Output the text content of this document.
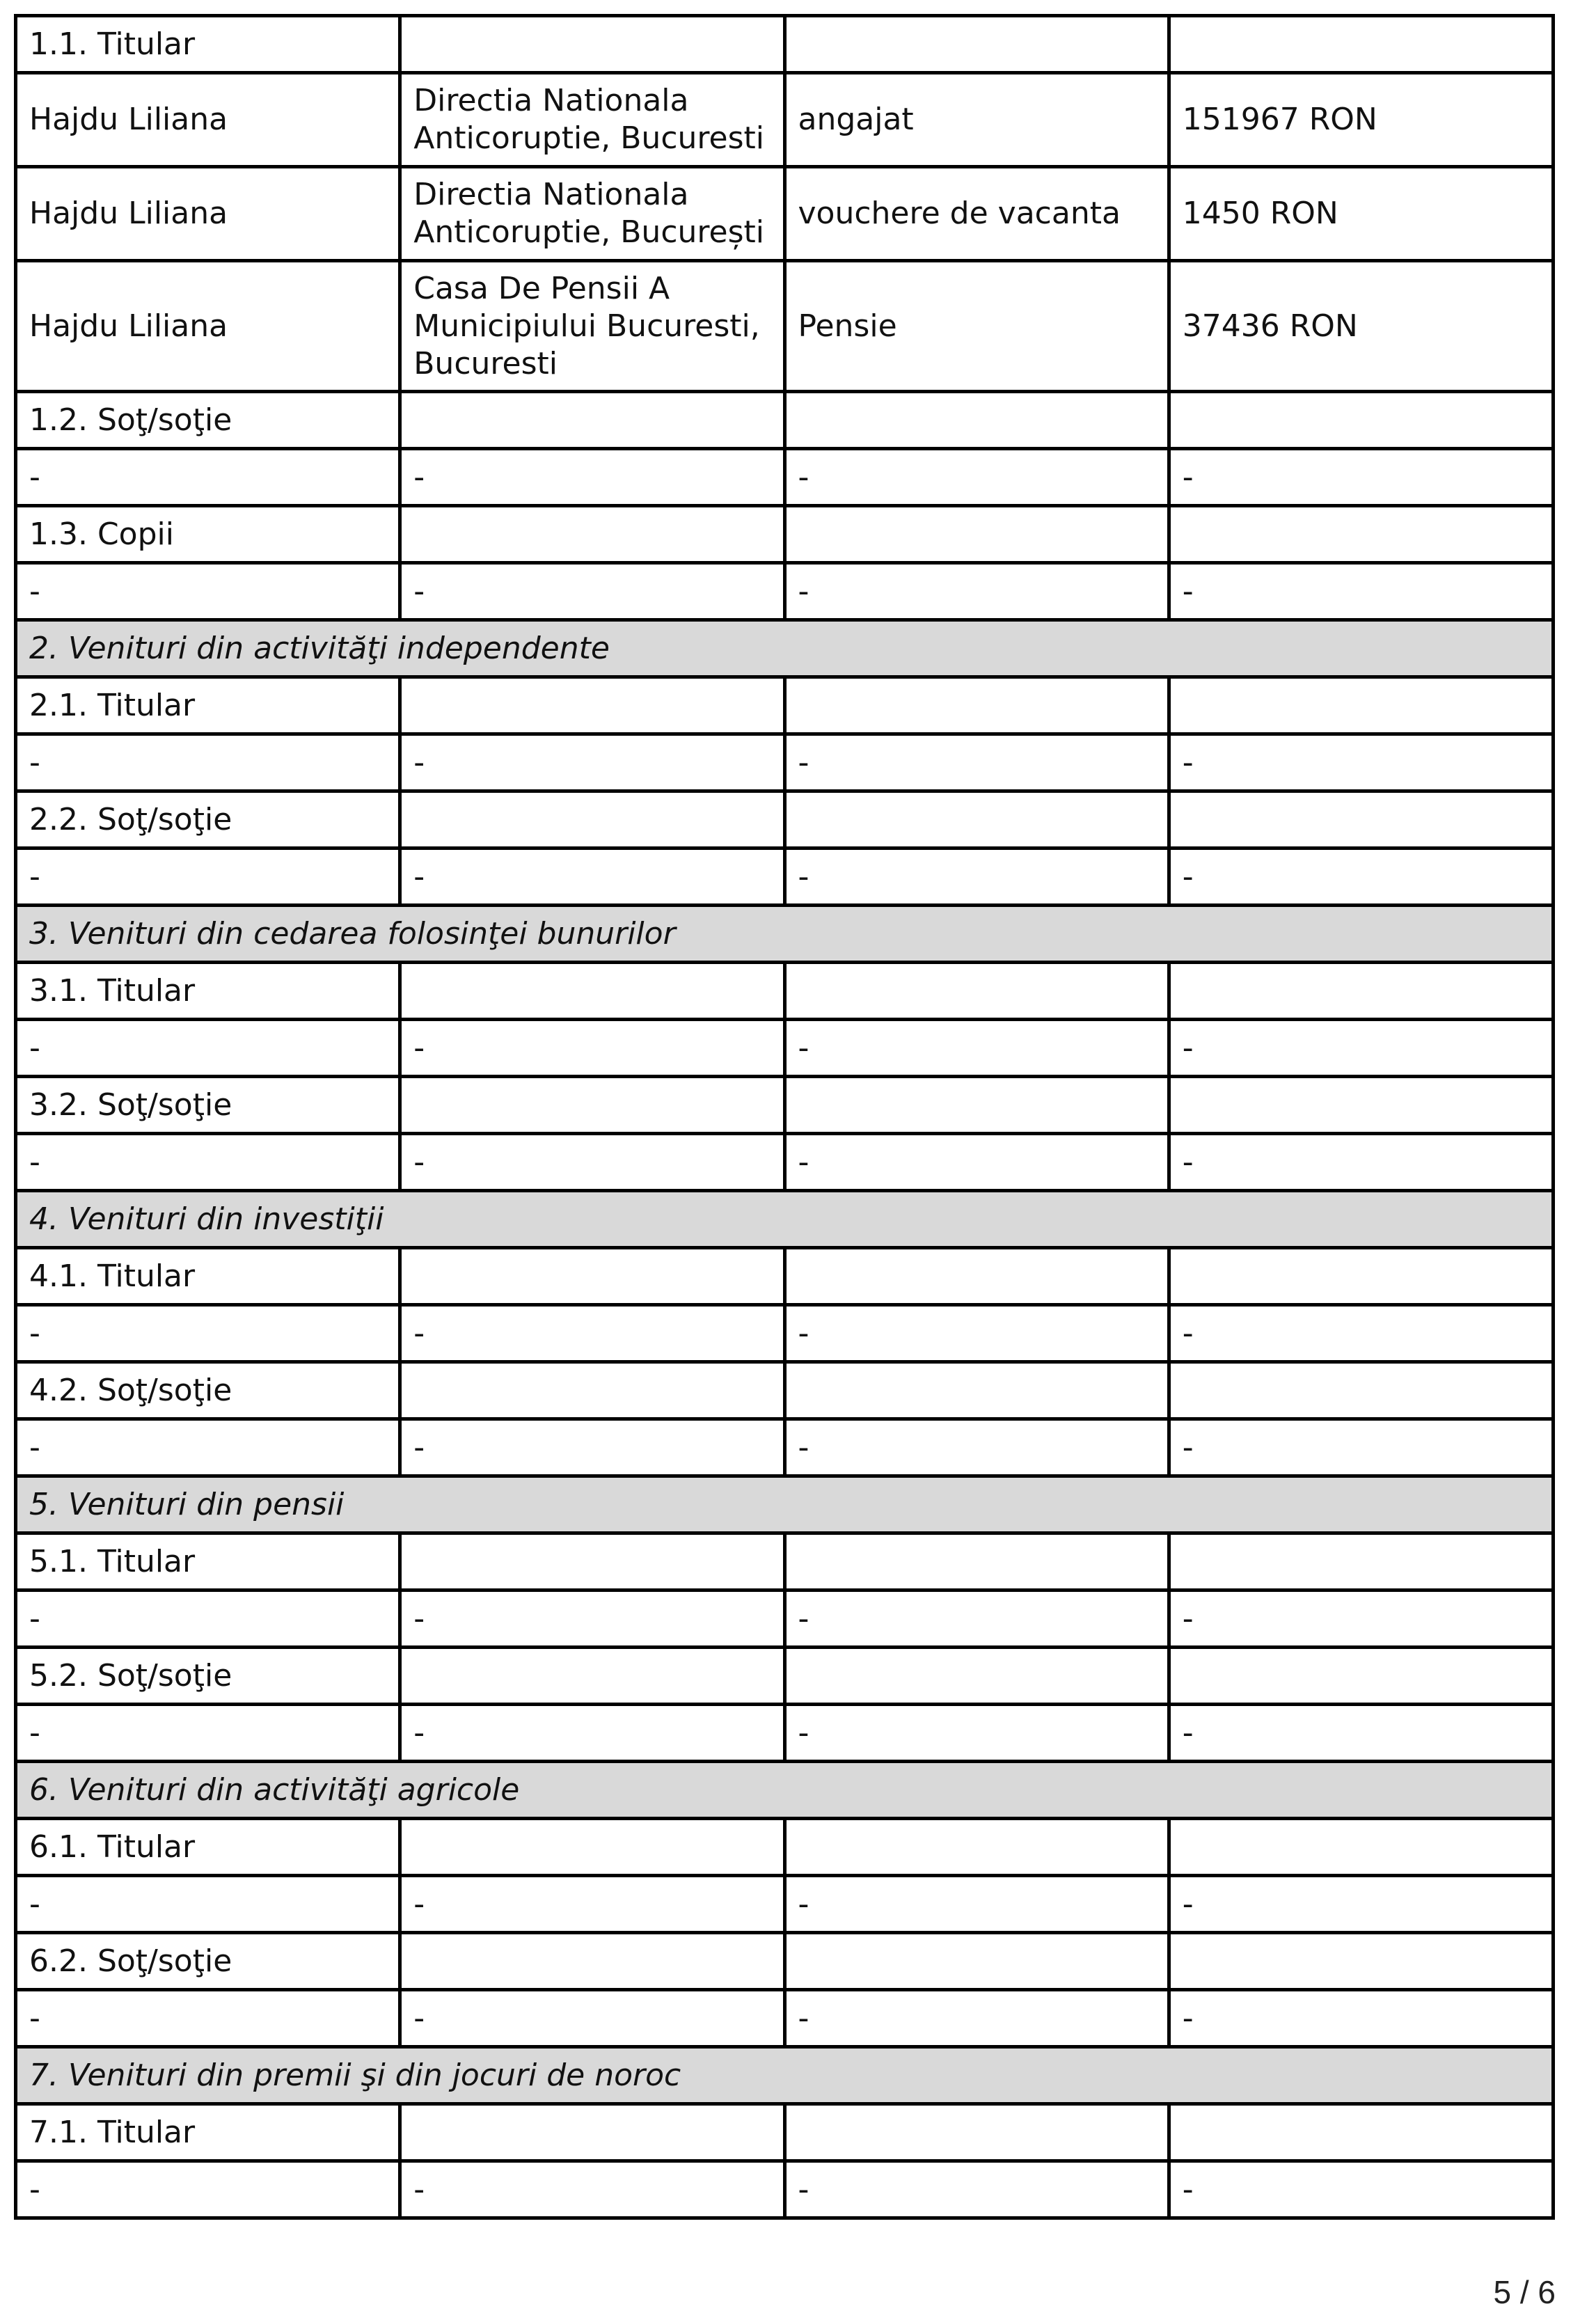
1.1. Titular			
Hajdu Liliana	Directia Nationala Anticoruptie, Bucuresti	angajat	151967 RON
Hajdu Liliana	Directia Nationala Anticoruptie, București	vouchere de vacanta	1450 RON
Hajdu Liliana	Casa De Pensii A Municipiului Bucuresti, Bucuresti	Pensie	37436 RON
1.2. Soţ/soţie			
-	-	-	-
1.3. Copii			
-	-	-	-
2. Venituri din activităţi independente			
2.1. Titular			
-	-	-	-
2.2. Soţ/soţie			
-	-	-	-
3. Venituri din cedarea folosinţei bunurilor			
3.1. Titular			
-	-	-	-
3.2. Soţ/soţie			
-	-	-	-
4. Venituri din investiţii			
4.1. Titular			
-	-	-	-
4.2. Soţ/soţie			
-	-	-	-
5. Venituri din pensii			
5.1. Titular			
-	-	-	-
5.2. Soţ/soţie			
-	-	-	-
6. Venituri din activităţi agricole			
6.1. Titular			
-	-	-	-
6.2. Soţ/soţie			
-	-	-	-
7. Venituri din premii şi din jocuri de noroc			
7.1. Titular			
-	-	-	-
5 / 6
